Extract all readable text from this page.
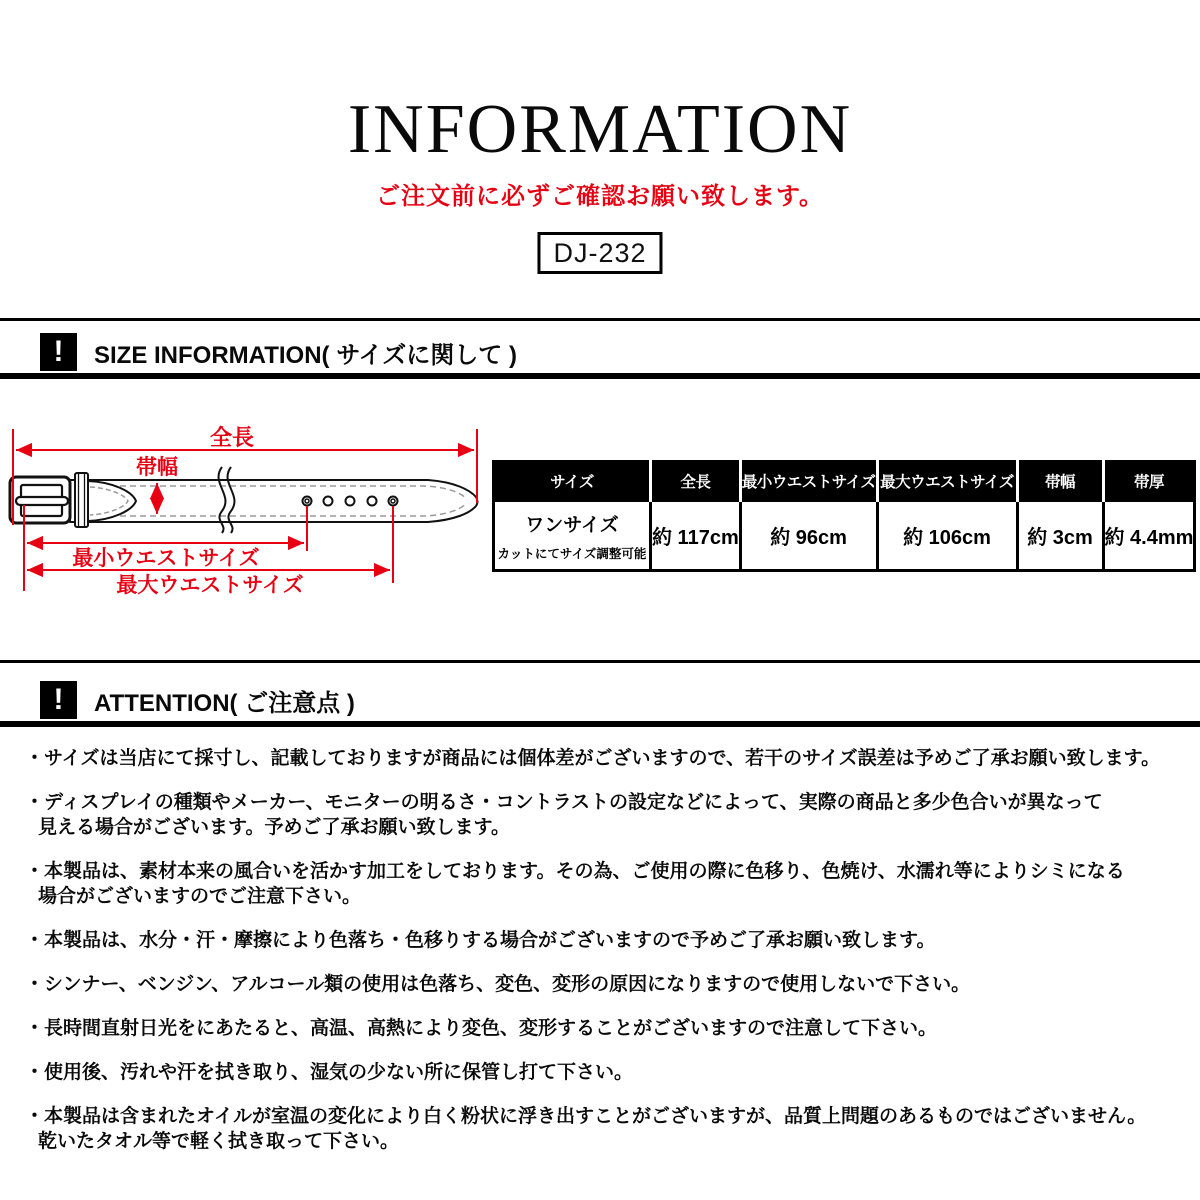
INFORMATION
ご注文前に必ずご確認お願い致します。
DJ-232
!	SIZE INFORMATION( サイズに関して )
全長
帯幅
最小ウエストサイズ
最大ウエストサイズ
サイズ	全長	最小ウエストサイズ	最大ウエストサイズ	帯幅	帯厚

ワンサイズ
カットにてサイズ調整可能	約 117cm	約 96cm	約 106cm	約 3cm	約 4.4mm
!	ATTENTION( ご注意点 )
・サイズは当店にて採寸し、記載しておりますが商品には個体差がございますので、若干のサイズ誤差は予めご了承お願い致します。
・ディスプレイの種類やメーカー、モニターの明るさ・コントラストの設定などによって、実際の商品と多少色合いが異なって
見える場合がございます。予めご了承お願い致します。
・本製品は、素材本来の風合いを活かす加工をしております。その為、ご使用の際に色移り、色焼け、水濡れ等によりシミになる
場合がございますのでご注意下さい。
・本製品は、水分・汗・摩擦により色落ち・色移りする場合がございますので予めご了承お願い致します。
・シンナー、ベンジン、アルコール類の使用は色落ち、変色、変形の原因になりますので使用しないで下さい。
・長時間直射日光をにあたると、高温、高熱により変色、変形することがございますので注意して下さい。
・使用後、汚れや汗を拭き取り、湿気の少ない所に保管し打て下さい。
・本製品は含まれたオイルが室温の変化により白く粉状に浮き出すことがございますが、品質上問題のあるものではございません。
乾いたタオル等で軽く拭き取って下さい。
